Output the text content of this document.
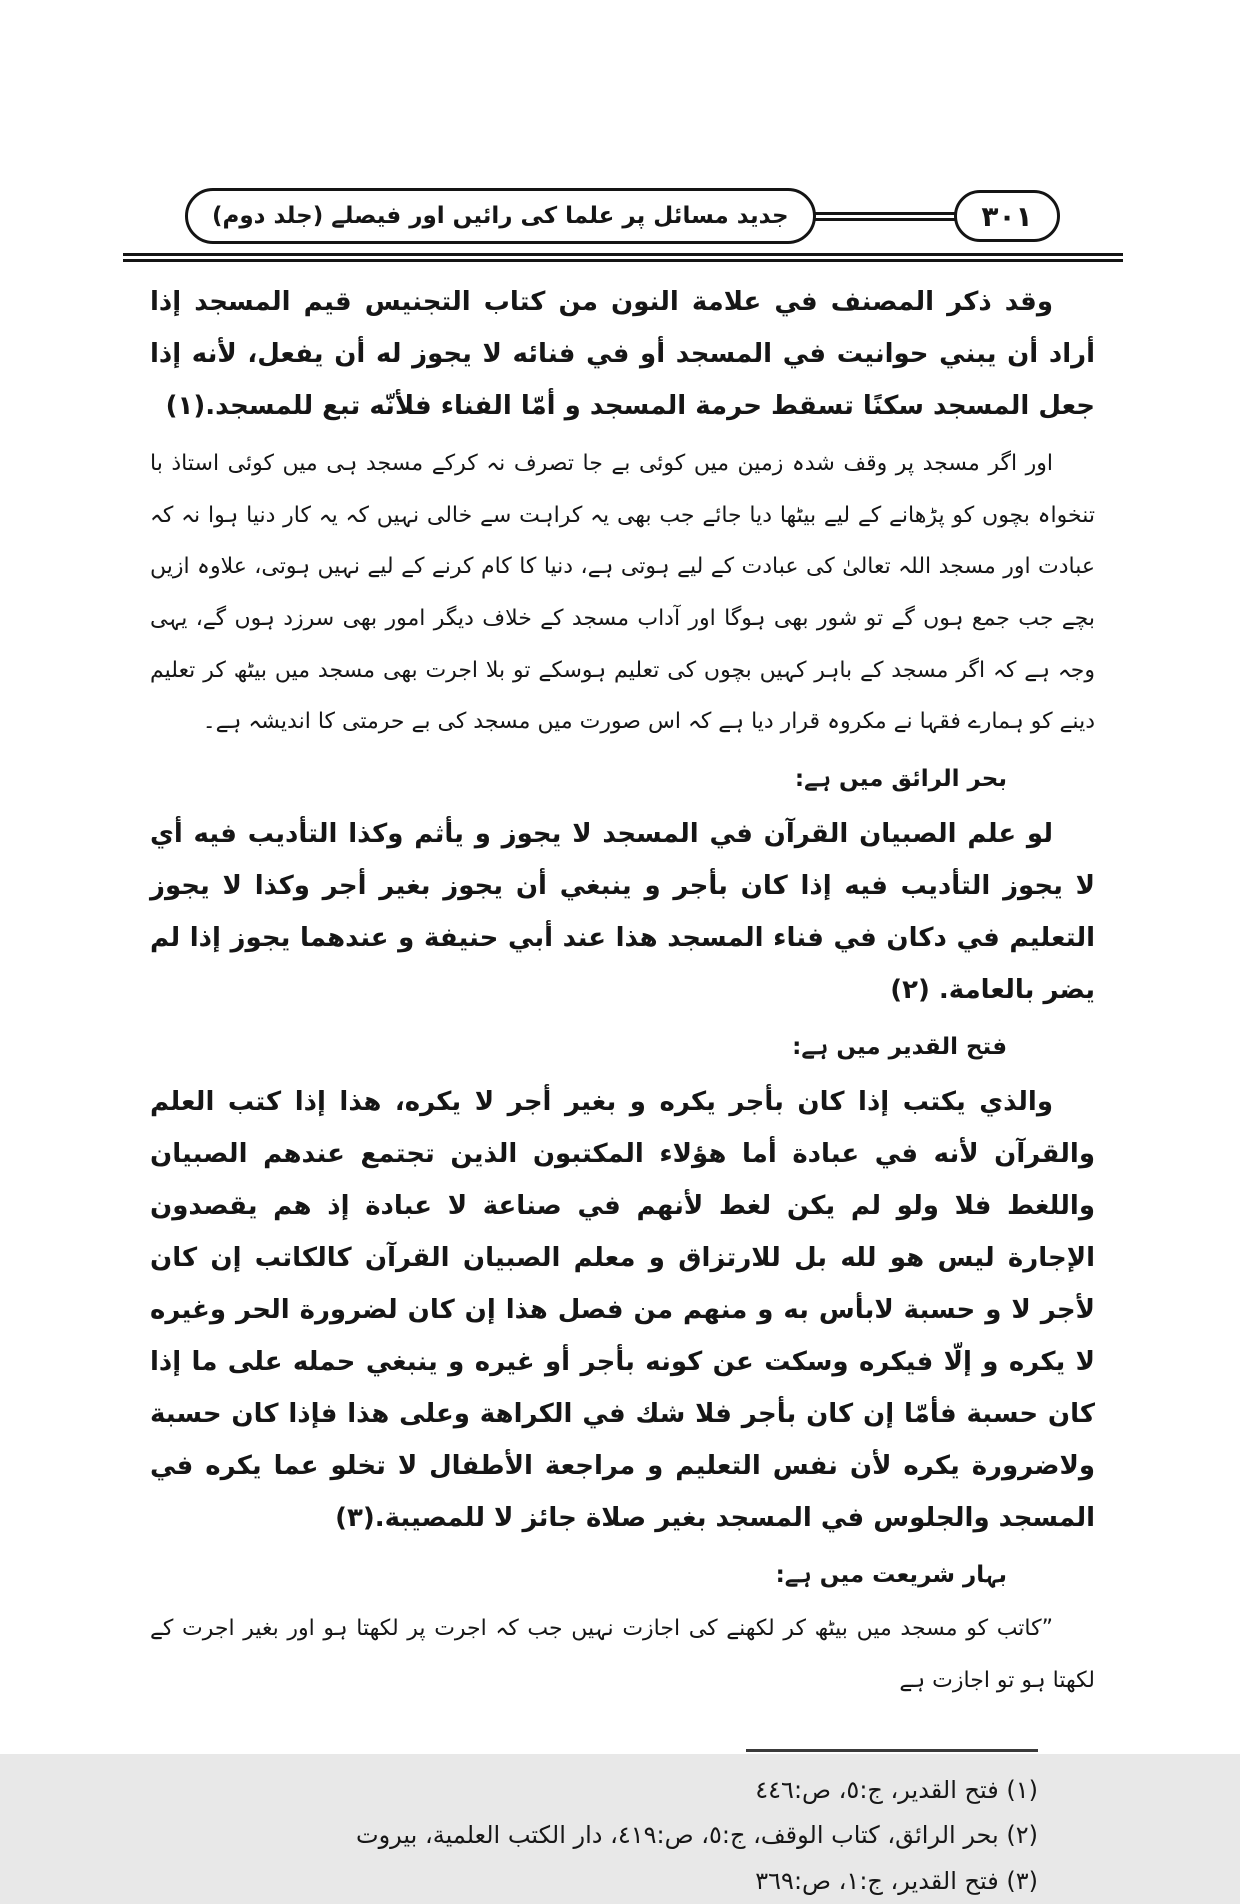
جدید مسائل پر علما کی رائیں اور فیصلے (جلد دوم)	٣٠١

وقد ذكر المصنف في علامة النون من كتاب التجنيس قيم المسجد إذا أراد أن يبني حوانيت في المسجد أو في فنائه لا يجوز له أن يفعل، لأنه إذا جعل المسجد سكنًا تسقط حرمة المسجد و أمّا الفناء فلأنّه تبع للمسجد.(١)

اور اگر مسجد پر وقف شدہ زمین میں کوئی بے جا تصرف نہ کرکے مسجد ہی میں کوئی استاذ با تنخواہ بچوں کو پڑھانے کے لیے بیٹھا دیا جائے جب بھی یہ کراہت سے خالی نہیں کہ یہ کار دنیا ہوا نہ کہ عبادت اور مسجد اللہ تعالیٰ کی عبادت کے لیے ہوتی ہے، دنیا کا کام کرنے کے لیے نہیں ہوتی، علاوہ ازیں بچے جب جمع ہوں گے تو شور بھی ہوگا اور آداب مسجد کے خلاف دیگر امور بھی سرزد ہوں گے، یہی وجہ ہے کہ اگر مسجد کے باہر کہیں بچوں کی تعلیم ہوسکے تو بلا اجرت بھی مسجد میں بیٹھ کر تعلیم دینے کو ہمارے فقہا نے مکروہ قرار دیا ہے کہ اس صورت میں مسجد کی بے حرمتی کا اندیشہ ہے۔

بحر الرائق میں ہے:

لو علم الصبيان القرآن في المسجد لا يجوز و يأثم وكذا التأديب فيه أي لا يجوز التأديب فيه إذا كان بأجر و ينبغي أن يجوز بغير أجر وكذا لا يجوز التعليم في دكان في فناء المسجد هذا عند أبي حنيفة و عندهما يجوز إذا لم يضر بالعامة. (٢)

فتح القدیر میں ہے:

والذي يكتب إذا كان بأجر يكره و بغير أجر لا يكره، هذا إذا كتب العلم والقرآن لأنه في عبادة أما هؤلاء المكتبون الذين تجتمع عندهم الصبيان واللغط فلا ولو لم يكن لغط لأنهم في صناعة لا عبادة إذ هم يقصدون الإجارة ليس هو لله بل للارتزاق و معلم الصبيان القرآن كالكاتب إن كان لأجر لا و حسبة لابأس به و منهم من فصل هذا إن كان لضرورة الحر وغيره لا يكره و إلّا فيكره وسكت عن كونه بأجر أو غيره و ينبغي حمله على ما إذا كان حسبة فأمّا إن كان بأجر فلا شك في الكراهة وعلى هذا فإذا كان حسبة ولاضرورة يكره لأن نفس التعليم و مراجعة الأطفال لا تخلو عما يكره في المسجد والجلوس في المسجد بغير صلاة جائز لا للمصيبة.(٣)

بہار شریعت میں ہے:

”کاتب کو مسجد میں بیٹھ کر لکھنے کی اجازت نہیں جب کہ اجرت پر لکھتا ہو اور بغیر اجرت کے لکھتا ہو تو اجازت ہے

(١) فتح القدير، ج:٥، ص:٤٤٦
(٢) بحر الرائق، كتاب الوقف، ج:٥، ص:٤١٩، دار الكتب العلمية، بيروت
(٣) فتح القدير، ج:١، ص:٣٦٩
